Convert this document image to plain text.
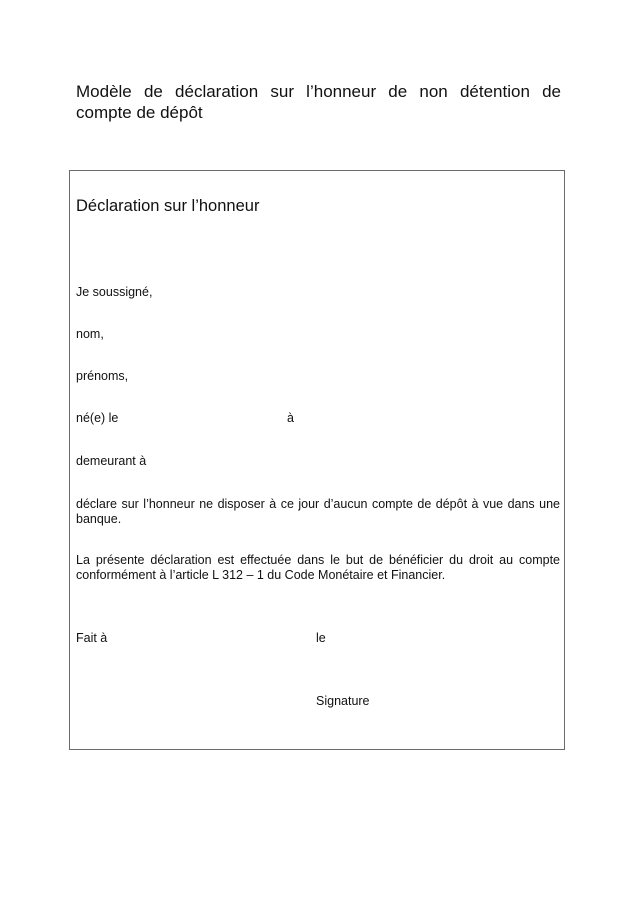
Modèle de déclaration sur l’honneur de non détention de compte de dépôt
Déclaration sur l’honneur

Je soussigné,

nom,

prénoms,

né(e) le	à

demeurant à

déclare sur l’honneur ne disposer à ce jour d’aucun compte de dépôt à vue dans une banque.

La présente déclaration est effectuée dans le but de bénéficier du droit au compte conformément à l’article L 312 – 1 du Code Monétaire et Financier.

Fait à	le

Signature
